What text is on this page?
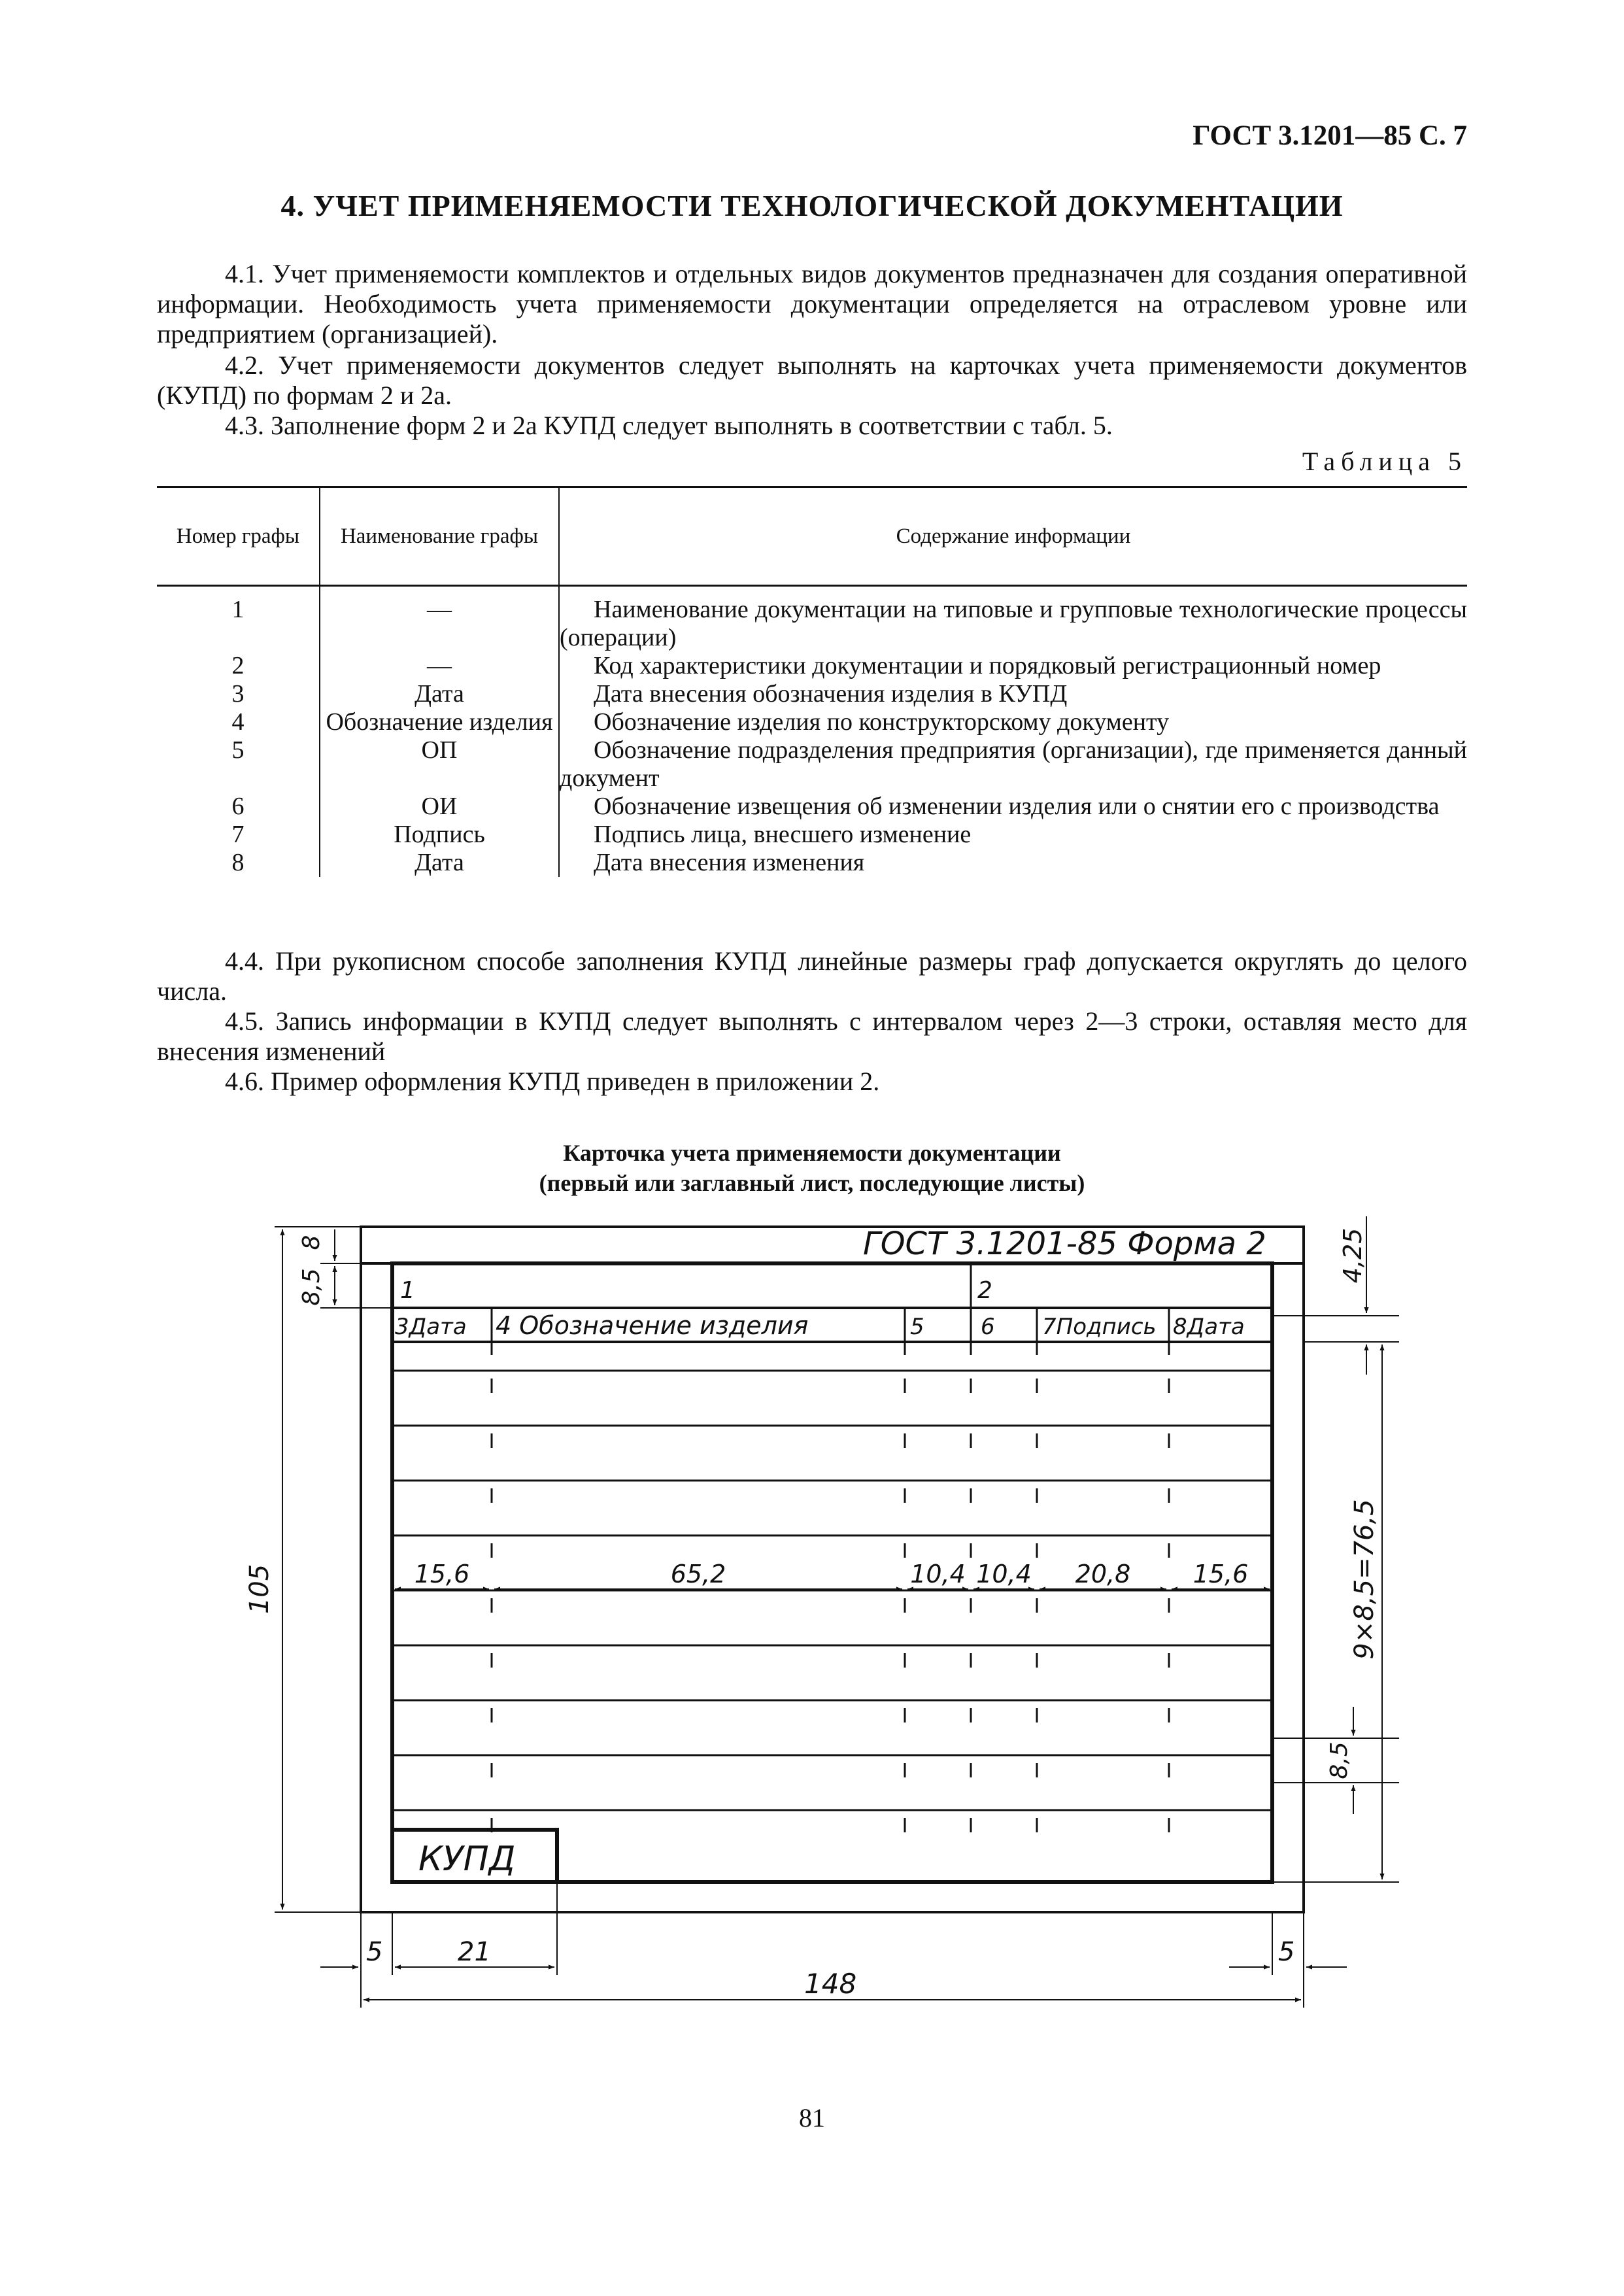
ГОСТ 3.1201—85 С. 7
4. УЧЕТ ПРИМЕНЯЕМОСТИ ТЕХНОЛОГИЧЕСКОЙ ДОКУМЕНТАЦИИ
4.1. Учет применяемости комплектов и отдельных видов документов предназначен для создания оперативной информации. Необходимость учета применяемости документации определяется на отраслевом уровне или предприятием (организацией).
4.2. Учет применяемости документов следует выполнять на карточках учета применяемости документов (КУПД) по формам 2 и 2а.
4.3. Заполнение форм 2 и 2а КУПД следует выполнять в соответствии с табл. 5.
Таблица 5
Номер графы	Наименование графы	Содержание информации
1	—	Наименование документации на типовые и групповые технологические процессы (операции)
2	—	Код характеристики документации и порядковый регистрационный номер
3	Дата	Дата внесения обозначения изделия в КУПД
4	Обозначение изделия	Обозначение изделия по конструкторскому документу
5	ОП	Обозначение подразделения предприятия (организации), где применяется данный документ
6	ОИ	Обозначение извещения об изменении изделия или о снятии его с производства
7	Подпись	Подпись лица, внесшего изменение
8	Дата	Дата внесения изменения
4.4. При рукописном способе заполнения КУПД линейные размеры граф допускается округлять до целого числа.
4.5. Запись информации в КУПД следует выполнять с интервалом через 2—3 строки, оставляя место для внесения изменений
4.6. Пример оформления КУПД приведен в приложении 2.
Карточка учета применяемости документации
(первый или заглавный лист, последующие листы)
ГОСТ 3.1201-85 Форма 2
1	2
3Дата 4 Обозначение изделия	5	6 7Подпись 8Дата
КУПД
15,6	65,2	10,4 10,4 20,8	15,6
105
8,5
8	4,25
9×8,5=76,5
8,5
5	21	5
148
81
